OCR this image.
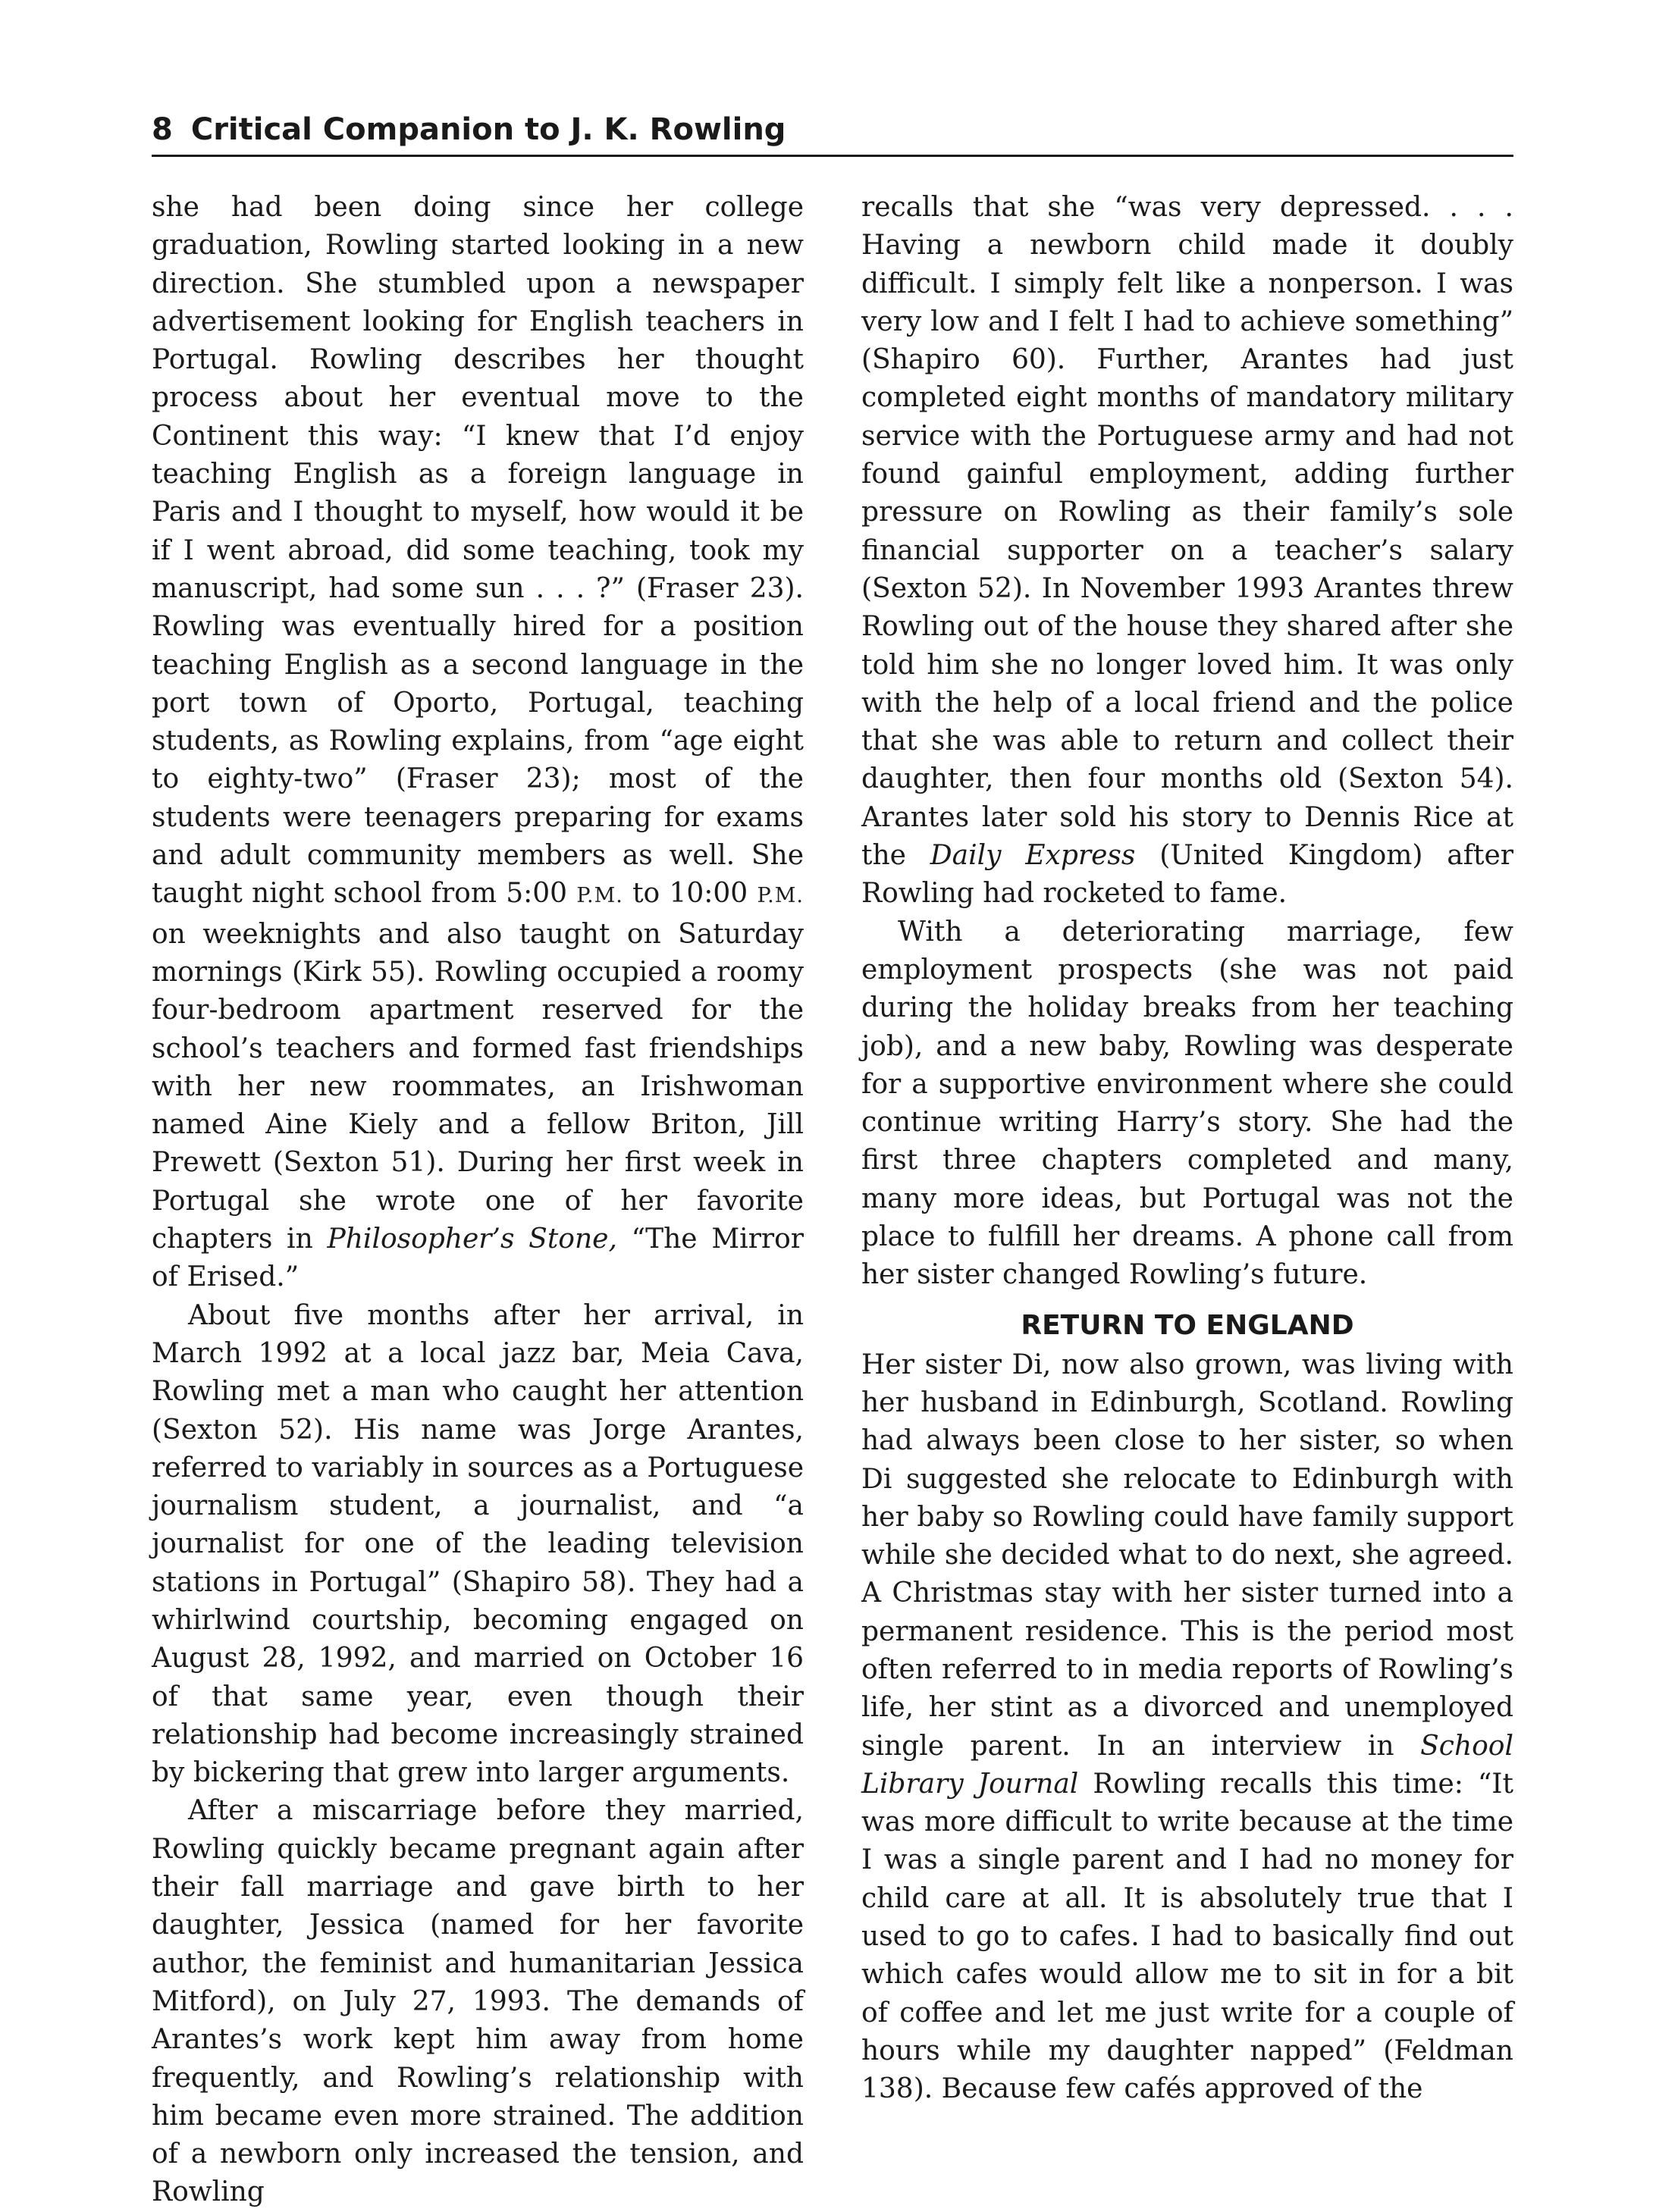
8 Critical Companion to J. K. Rowling

she had been doing since her college graduation, Rowling started looking in a new direction. She stumbled upon a newspaper advertisement looking for English teachers in Portugal. Rowling describes her thought process about her eventual move to the Continent this way: “I knew that I’d enjoy teaching English as a foreign language in Paris and I thought to myself, how would it be if I went abroad, did some teaching, took my manuscript, had some sun . . . ?” (Fraser 23). Rowling was eventually hired for a position teaching English as a second language in the port town of Oporto, Portugal, teaching students, as Rowling explains, from “age eight to eighty-two” (Fraser 23); most of the students were teenagers preparing for exams and adult community members as well. She taught night school from 5:00 P.M. to 10:00 P.M. on weeknights and also taught on Saturday mornings (Kirk 55). Rowling occupied a roomy four-bedroom apartment reserved for the school’s teachers and formed fast friendships with her new roommates, an Irishwoman named Aine Kiely and a fellow Briton, Jill Prewett (Sexton 51). During her first week in Portugal she wrote one of her favorite chapters in Philosopher’s Stone, “The Mirror of Erised.”

About five months after her arrival, in March 1992 at a local jazz bar, Meia Cava, Rowling met a man who caught her attention (Sexton 52). His name was Jorge Arantes, referred to variably in sources as a Portuguese journalism student, a journalist, and “a journalist for one of the leading television stations in Portugal” (Shapiro 58). They had a whirlwind courtship, becoming engaged on August 28, 1992, and married on October 16 of that same year, even though their relationship had become increasingly strained by bickering that grew into larger arguments.

After a miscarriage before they married, Rowling quickly became pregnant again after their fall marriage and gave birth to her daughter, Jessica (named for her favorite author, the feminist and humanitarian Jessica Mitford), on July 27, 1993. The demands of Arantes’s work kept him away from home frequently, and Rowling’s relationship with him became even more strained. The addition of a newborn only increased the tension, and Rowling

recalls that she “was very depressed. . . . Having a newborn child made it doubly difficult. I simply felt like a nonperson. I was very low and I felt I had to achieve something” (Shapiro 60). Further, Arantes had just completed eight months of mandatory military service with the Portuguese army and had not found gainful employment, adding further pressure on Rowling as their family’s sole financial supporter on a teacher’s salary (Sexton 52). In November 1993 Arantes threw Rowling out of the house they shared after she told him she no longer loved him. It was only with the help of a local friend and the police that she was able to return and collect their daughter, then four months old (Sexton 54). Arantes later sold his story to Dennis Rice at the Daily Express (United Kingdom) after Rowling had rocketed to fame.

With a deteriorating marriage, few employment prospects (she was not paid during the holiday breaks from her teaching job), and a new baby, Rowling was desperate for a supportive environment where she could continue writing Harry’s story. She had the first three chapters completed and many, many more ideas, but Portugal was not the place to fulfill her dreams. A phone call from her sister changed Rowling’s future.

RETURN TO ENGLAND

Her sister Di, now also grown, was living with her husband in Edinburgh, Scotland. Rowling had always been close to her sister, so when Di suggested she relocate to Edinburgh with her baby so Rowling could have family support while she decided what to do next, she agreed. A Christmas stay with her sister turned into a permanent residence. This is the period most often referred to in media reports of Rowling’s life, her stint as a divorced and unemployed single parent. In an interview in School Library Journal Rowling recalls this time: “It was more difficult to write because at the time I was a single parent and I had no money for child care at all. It is absolutely true that I used to go to cafes. I had to basically find out which cafes would allow me to sit in for a bit of coffee and let me just write for a couple of hours while my daughter napped” (Feldman 138). Because few cafés approved of the
